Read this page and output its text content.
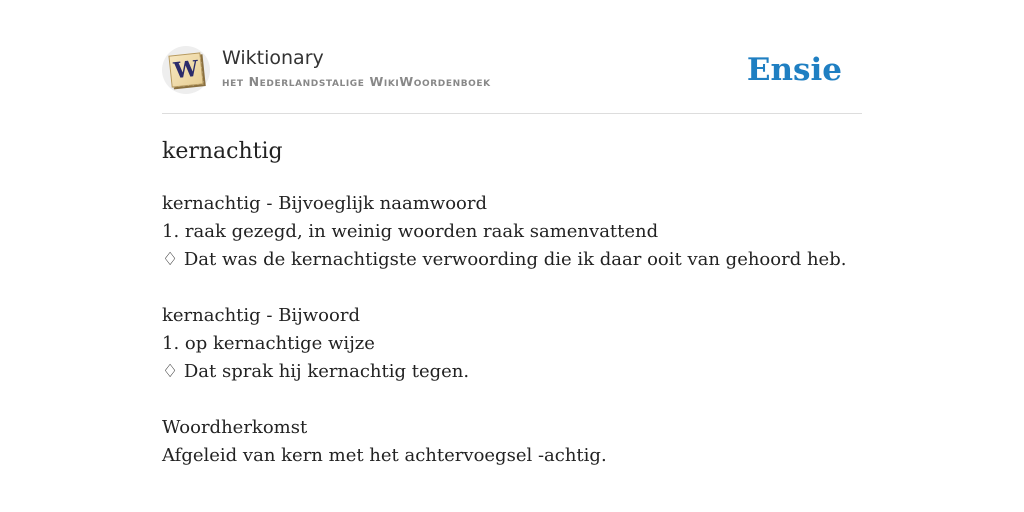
W Wiktionary
het Nederlandstalige WikiWoordenboek	Ensie
kernachtig
kernachtig - Bijvoeglijk naamwoord
1. raak gezegd, in weinig woorden raak samenvattend
♢ Dat was de kernachtigste verwoording die ik daar ooit van gehoord heb.
kernachtig - Bijwoord
1. op kernachtige wijze
♢ Dat sprak hij kernachtig tegen.
Woordherkomst
Afgeleid van kern met het achtervoegsel -achtig.
